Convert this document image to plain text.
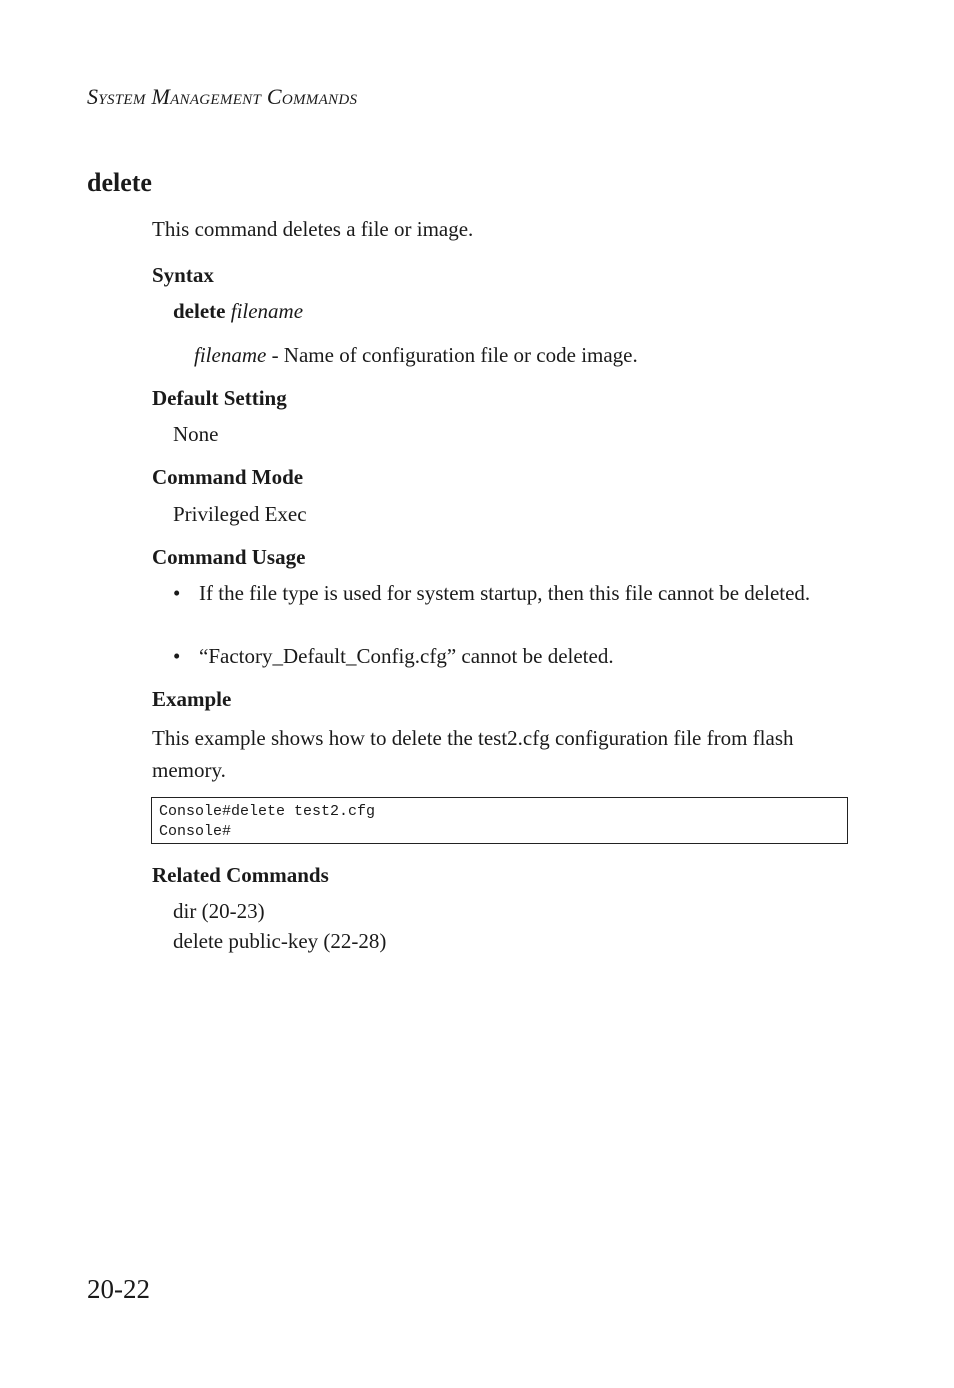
System Management Commands
delete
This command deletes a file or image.
Syntax
delete filename
filename - Name of configuration file or code image.
Default Setting
None
Command Mode
Privileged Exec
Command Usage
• If the file type is used for system startup, then this file cannot be deleted.
• “Factory_Default_Config.cfg” cannot be deleted.
Example
This example shows how to delete the test2.cfg configuration file from flash memory.
Console#delete test2.cfg
Console#
Related Commands
dir (20-23)
delete public-key (22-28)
20-22
